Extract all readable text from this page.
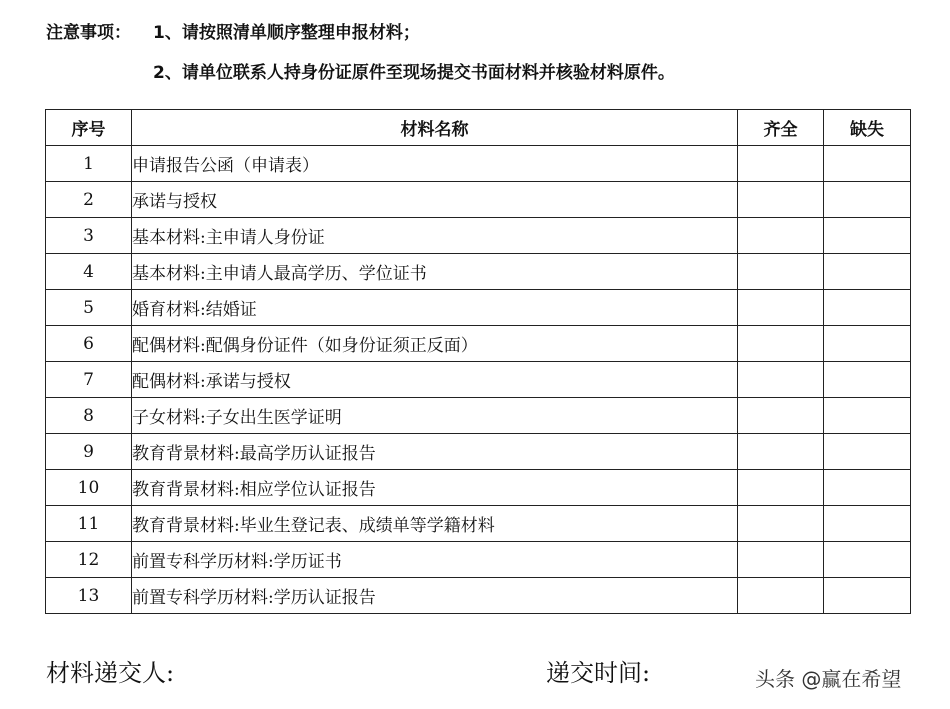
注意事项： 1、请按照清单顺序整理申报材料；
2、请单位联系人持身份证原件至现场提交书面材料并核验材料原件。
序号	材料名称	齐全	缺失
1	申请报告公函（申请表）		
2	承诺与授权		
3	基本材料:主申请人身份证		
4	基本材料:主申请人最高学历、学位证书		
5	婚育材料:结婚证		
6	配偶材料:配偶身份证件（如身份证须正反面）		
7	配偶材料:承诺与授权		
8	子女材料:子女出生医学证明		
9	教育背景材料:最高学历认证报告		
10	教育背景材料:相应学位认证报告		
11	教育背景材料:毕业生登记表、成绩单等学籍材料		
12	前置专科学历材料:学历证书		
13	前置专科学历材料:学历认证报告		
材料递交人:	递交时间:	头条 @赢在希望
